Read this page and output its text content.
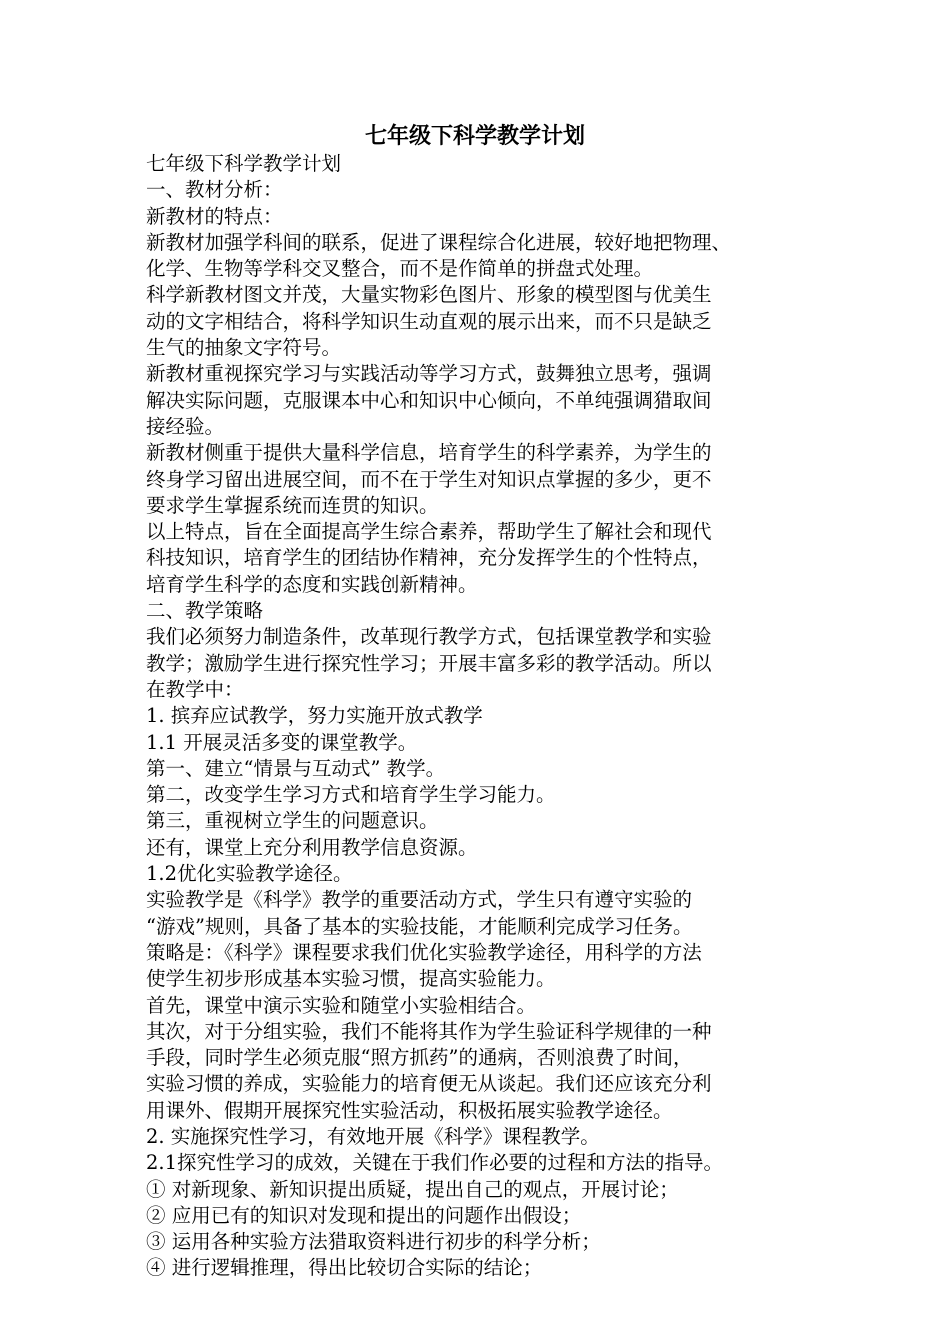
七年级下科学教学计划
七年级下科学教学计划
一、教材分析：
新教材的特点：
新教材加强学科间的联系，促进了课程综合化进展，较好地把物理、
化学、生物等学科交叉整合，而不是作简单的拼盘式处理。
科学新教材图文并茂，大量实物彩色图片、形象的模型图与优美生
动的文字相结合，将科学知识生动直观的展示出来，而不只是缺乏
生气的抽象文字符号。
新教材重视探究学习与实践活动等学习方式，鼓舞独立思考，强调
解决实际问题，克服课本中心和知识中心倾向，不单纯强调猎取间
接经验。
新教材侧重于提供大量科学信息，培育学生的科学素养，为学生的
终身学习留出进展空间，而不在于学生对知识点掌握的多少，更不
要求学生掌握系统而连贯的知识。
以上特点，旨在全面提高学生综合素养，帮助学生了解社会和现代
科技知识，培育学生的团结协作精神，充分发挥学生的个性特点，
培育学生科学的态度和实践创新精神。
二、教学策略
我们必须努力制造条件，改革现行教学方式，包括课堂教学和实验
教学；激励学生进行探究性学习；开展丰富多彩的教学活动。所以
在教学中：
1. 摈弃应试教学，努力实施开放式教学
1.1 开展灵活多变的课堂教学。
第一、建立“情景与互动式” 教学。
第二，改变学生学习方式和培育学生学习能力。
第三，重视树立学生的问题意识。
还有，课堂上充分利用教学信息资源。
1.2优化实验教学途径。
实验教学是《科学》教学的重要活动方式，学生只有遵守实验的
“游戏”规则，具备了基本的实验技能，才能顺利完成学习任务。
策略是：《科学》课程要求我们优化实验教学途径，用科学的方法
使学生初步形成基本实验习惯，提高实验能力。
首先，课堂中演示实验和随堂小实验相结合。
其次，对于分组实验，我们不能将其作为学生验证科学规律的一种
手段，同时学生必须克服“照方抓药”的通病，否则浪费了时间，
实验习惯的养成，实验能力的培育便无从谈起。我们还应该充分利
用课外、假期开展探究性实验活动，积极拓展实验教学途径。
2. 实施探究性学习，有效地开展《科学》课程教学。
2.1探究性学习的成效，关键在于我们作必要的过程和方法的指导。
① 对新现象、新知识提出质疑，提出自己的观点，开展讨论；
② 应用已有的知识对发现和提出的问题作出假设；
③ 运用各种实验方法猎取资料进行初步的科学分析；
④ 进行逻辑推理，得出比较切合实际的结论；
